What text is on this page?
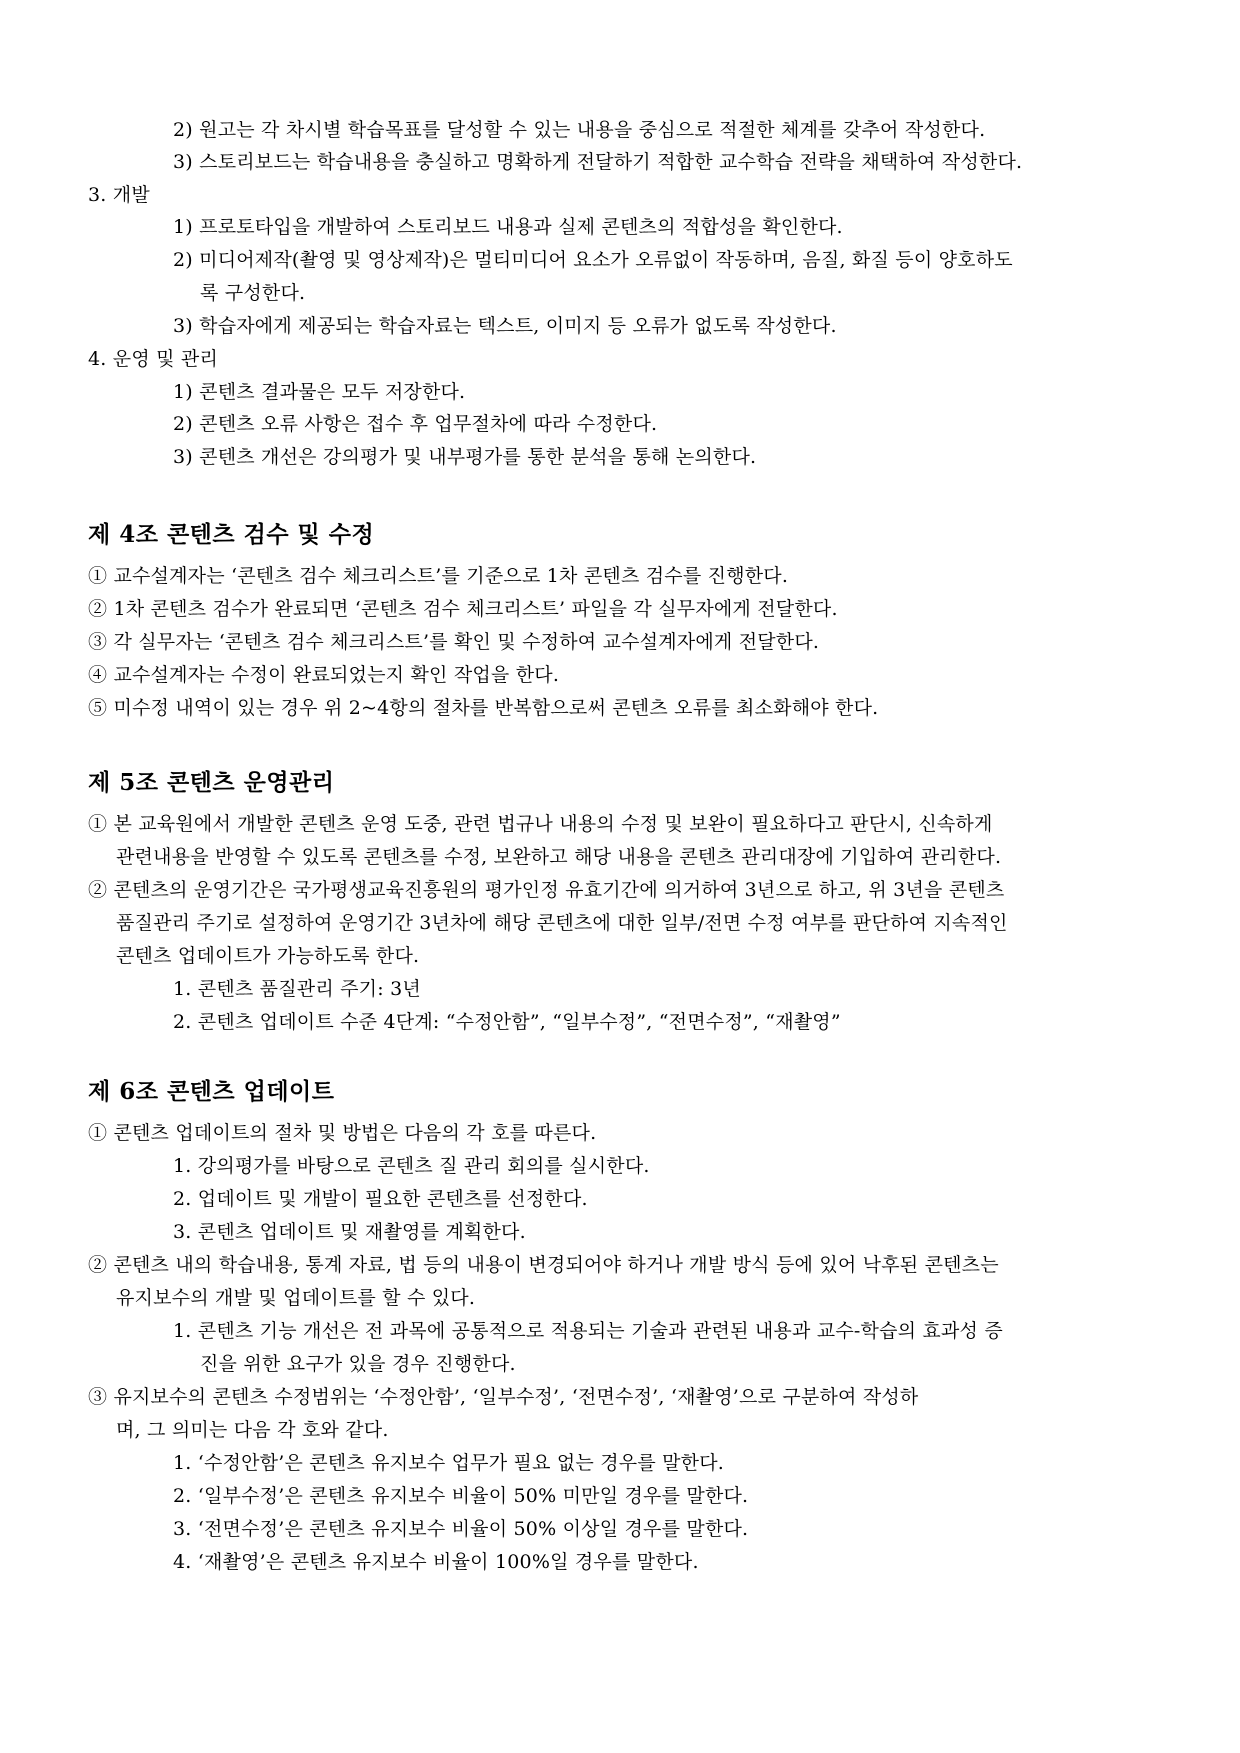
2) 원고는 각 차시별 학습목표를 달성할 수 있는 내용을 중심으로 적절한 체계를 갖추어 작성한다.
3) 스토리보드는 학습내용을 충실하고 명확하게 전달하기 적합한 교수학습 전략을 채택하여 작성한다.
3. 개발
1) 프로토타입을 개발하여 스토리보드 내용과 실제 콘텐츠의 적합성을 확인한다.
2) 미디어제작(촬영 및 영상제작)은 멀티미디어 요소가 오류없이 작동하며, 음질, 화질 등이 양호하도
록 구성한다.
3) 학습자에게 제공되는 학습자료는 텍스트, 이미지 등 오류가 없도록 작성한다.
4. 운영 및 관리
1) 콘텐츠 결과물은 모두 저장한다.
2) 콘텐츠 오류 사항은 접수 후 업무절차에 따라 수정한다.
3) 콘텐츠 개선은 강의평가 및 내부평가를 통한 분석을 통해 논의한다.
제 4조 콘텐츠 검수 및 수정
① 교수설계자는 ‘콘텐츠 검수 체크리스트’를 기준으로 1차 콘텐츠 검수를 진행한다.
② 1차 콘텐츠 검수가 완료되면 ‘콘텐츠 검수 체크리스트’ 파일을 각 실무자에게 전달한다.
③ 각 실무자는 ‘콘텐츠 검수 체크리스트’를 확인 및 수정하여 교수설계자에게 전달한다.
④ 교수설계자는 수정이 완료되었는지 확인 작업을 한다.
⑤ 미수정 내역이 있는 경우 위 2~4항의 절차를 반복함으로써 콘텐츠 오류를 최소화해야 한다.
제 5조 콘텐츠 운영관리
① 본 교육원에서 개발한 콘텐츠 운영 도중, 관련 법규나 내용의 수정 및 보완이 필요하다고 판단시, 신속하게
관련내용을 반영할 수 있도록 콘텐츠를 수정, 보완하고 해당 내용을 콘텐츠 관리대장에 기입하여 관리한다.
② 콘텐츠의 운영기간은 국가평생교육진흥원의 평가인정 유효기간에 의거하여 3년으로 하고, 위 3년을 콘텐츠
품질관리 주기로 설정하여 운영기간 3년차에 해당 콘텐츠에 대한 일부/전면 수정 여부를 판단하여 지속적인
콘텐츠 업데이트가 가능하도록 한다.
1. 콘텐츠 품질관리 주기: 3년
2. 콘텐츠 업데이트 수준 4단계: “수정안함”, “일부수정”, “전면수정”, “재촬영”
제 6조 콘텐츠 업데이트
① 콘텐츠 업데이트의 절차 및 방법은 다음의 각 호를 따른다.
1. 강의평가를 바탕으로 콘텐츠 질 관리 회의를 실시한다.
2. 업데이트 및 개발이 필요한 콘텐츠를 선정한다.
3. 콘텐츠 업데이트 및 재촬영를 계획한다.
② 콘텐츠 내의 학습내용, 통계 자료, 법 등의 내용이 변경되어야 하거나 개발 방식 등에 있어 낙후된 콘텐츠는
유지보수의 개발 및 업데이트를 할 수 있다.
1. 콘텐츠 기능 개선은 전 과목에 공통적으로 적용되는 기술과 관련된 내용과 교수-학습의 효과성 증
진을 위한 요구가 있을 경우 진행한다.
③ 유지보수의 콘텐츠 수정범위는 ‘수정안함’, ‘일부수정’, ‘전면수정’, ‘재촬영’으로 구분하여 작성하
며, 그 의미는 다음 각 호와 같다.
1. ‘수정안함’은 콘텐츠 유지보수 업무가 필요 없는 경우를 말한다.
2. ‘일부수정’은 콘텐츠 유지보수 비율이 50% 미만일 경우를 말한다.
3. ‘전면수정’은 콘텐츠 유지보수 비율이 50% 이상일 경우를 말한다.
4. ‘재촬영’은 콘텐츠 유지보수 비율이 100%일 경우를 말한다.
